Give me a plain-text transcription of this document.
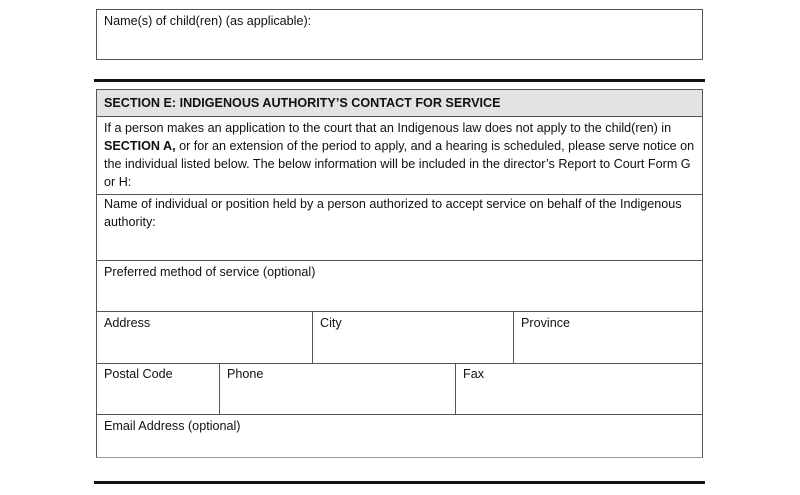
Name(s) of child(ren) (as applicable):
SECTION E: INDIGENOUS AUTHORITY’S CONTACT FOR SERVICE
If a person makes an application to the court that an Indigenous law does not apply to the child(ren) in SECTION A, or for an extension of the period to apply, and a hearing is scheduled, please serve notice on the individual listed below. The below information will be included in the director’s Report to Court Form G or H:
Name of individual or position held by a person authorized to accept service on behalf of the Indigenous authority:
Preferred method of service (optional)
Address	City	Province
Postal Code	Phone	Fax
Email Address (optional)
